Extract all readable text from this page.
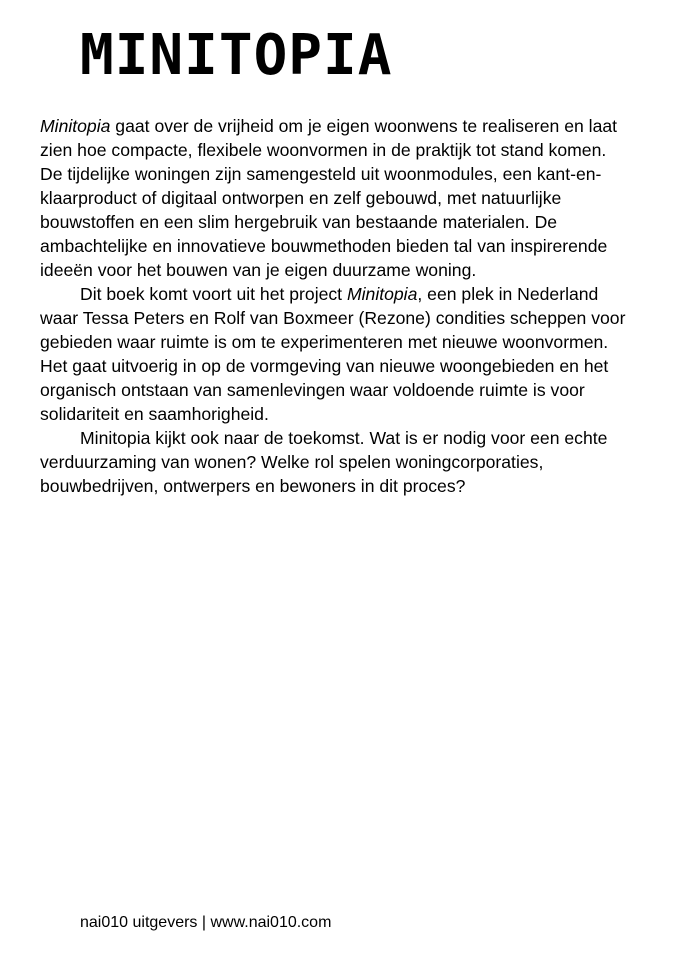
MINITOPIA

Minitopia gaat over de vrijheid om je eigen woonwens te realiseren en laat zien hoe compacte, flexibele woonvormen in de praktijk tot stand komen. De tijdelijke woningen zijn samengesteld uit woonmodules, een kant-en-klaarproduct of digitaal ontworpen en zelf gebouwd, met natuurlijke bouwstoffen en een slim hergebruik van bestaande materialen. De ambachtelijke en innovatieve bouwmethoden bieden tal van inspirerende ideeën voor het bouwen van je eigen duurzame woning.

Dit boek komt voort uit het project Minitopia, een plek in Nederland waar Tessa Peters en Rolf van Boxmeer (Rezone) condities scheppen voor gebieden waar ruimte is om te experimenteren met nieuwe woonvormen. Het gaat uitvoerig in op de vormgeving van nieuwe woongebieden en het organisch ontstaan van samenlevingen waar voldoende ruimte is voor solidariteit en saamhorigheid.

Minitopia kijkt ook naar de toekomst. Wat is er nodig voor een echte verduurzaming van wonen? Welke rol spelen woningcorporaties, bouwbedrijven, ontwerpers en bewoners in dit proces?

nai010 uitgevers | www.nai010.com
